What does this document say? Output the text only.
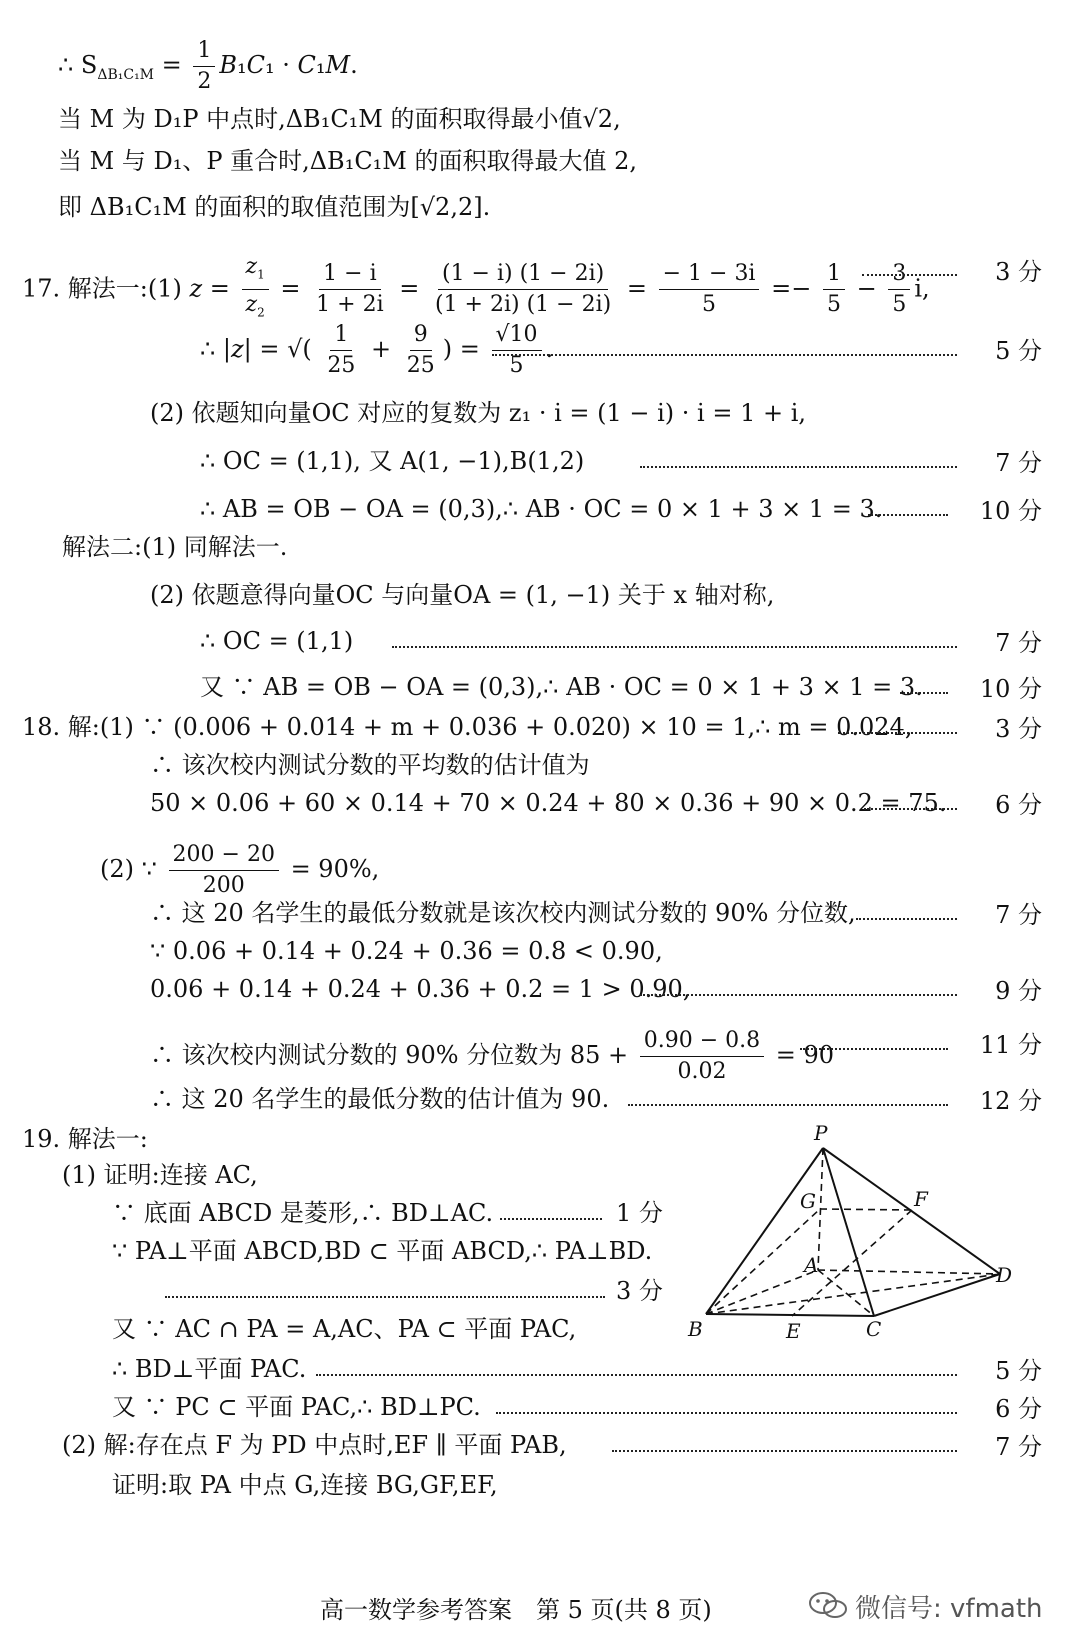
∴ $S_{\Delta B_1C_1M} = \frac{1}{2} B_1C_1 \cdot C_1M$.
当 M 为 D₁P 中点时,ΔB₁C₁M 的面积取得最小值√2,
当 M 与 D₁、P 重合时,ΔB₁C₁M 的面积取得最大值 2,
即 ΔB₁C₁M 的面积的取值范围为[√2,2].
17. 解法一:(1) $z = \frac{z_1}{z_2} = \frac{1 - i}{1 + 2i} = \frac{(1 - i) (1 - 2i)}{(1 + 2i) (1 - 2i)} = \frac{- 1 - 3i}{5} =- \frac{1}{5} - \frac{3}{5} i$,
3 分
∴ |z| = √( $\frac{1}{25} + \frac{9}{25}$ ) = $\frac{√10}{5}$ .	5 分
(2) 依题知向量OC 对应的复数为 z₁ · i = (1 − i) · i = 1 + i,
∴ OC = (1,1), 又 A(1, −1),B(1,2)	7 分
∴ AB = OB − OA = (0,3),∴ AB · OC = 0 × 1 + 3 × 1 = 3.	10 分
解法二:(1) 同解法一.
(2) 依题意得向量OC 与向量OA = (1, −1) 关于 x 轴对称,
∴ OC = (1,1)	7 分
又 ∵ AB = OB − OA = (0,3),∴ AB · OC = 0 × 1 + 3 × 1 = 3. 10 分
18. 解:(1) ∵ (0.006 + 0.014 + m + 0.036 + 0.020) × 10 = 1,∴ m = 0.024,	3 分
∴ 该次校内测试分数的平均数的估计值为
50 × 0.06 + 60 × 0.14 + 70 × 0.24 + 80 × 0.36 + 90 × 0.2 = 75. 6 分
(2) ∵ $\frac{200 - 20}{200} = 90\%$,
∴ 这 20 名学生的最低分数就是该次校内测试分数的 90% 分位数,	7 分
∵ 0.06 + 0.14 + 0.24 + 0.36 = 0.8 < 0.90,
0.06 + 0.14 + 0.24 + 0.36 + 0.2 = 1 > 0.90,	9 分
∴ 该次校内测试分数的 90% 分位数为 $85 + \frac{0.90 - 0.8}{0.02} = 90$	11 分
∴ 这 20 名学生的最低分数的估计值为 90.	12 分
19. 解法一:
(1) 证明:连接 AC,
∵ 底面 ABCD 是菱形,∴ BD⊥AC.	1 分
∵ PA⊥平面 ABCD,BD ⊂ 平面 ABCD,∴ PA⊥BD.
3 分
又 ∵ AC ∩ PA = A,AC、PA ⊂ 平面 PAC,
∴ BD⊥平面 PAC.	5 分
又 ∵ PC ⊂ 平面 PAC,∴ BD⊥PC.	6 分
(2) 解:存在点 F 为 PD 中点时,EF ∥ 平面 PAB,	7 分
证明:取 PA 中点 G,连接 BG,GF,EF,
P
G	F
A	D
B	E	C
高一数学参考答案　第 5 页(共 8 页)	微信号: vfmath
